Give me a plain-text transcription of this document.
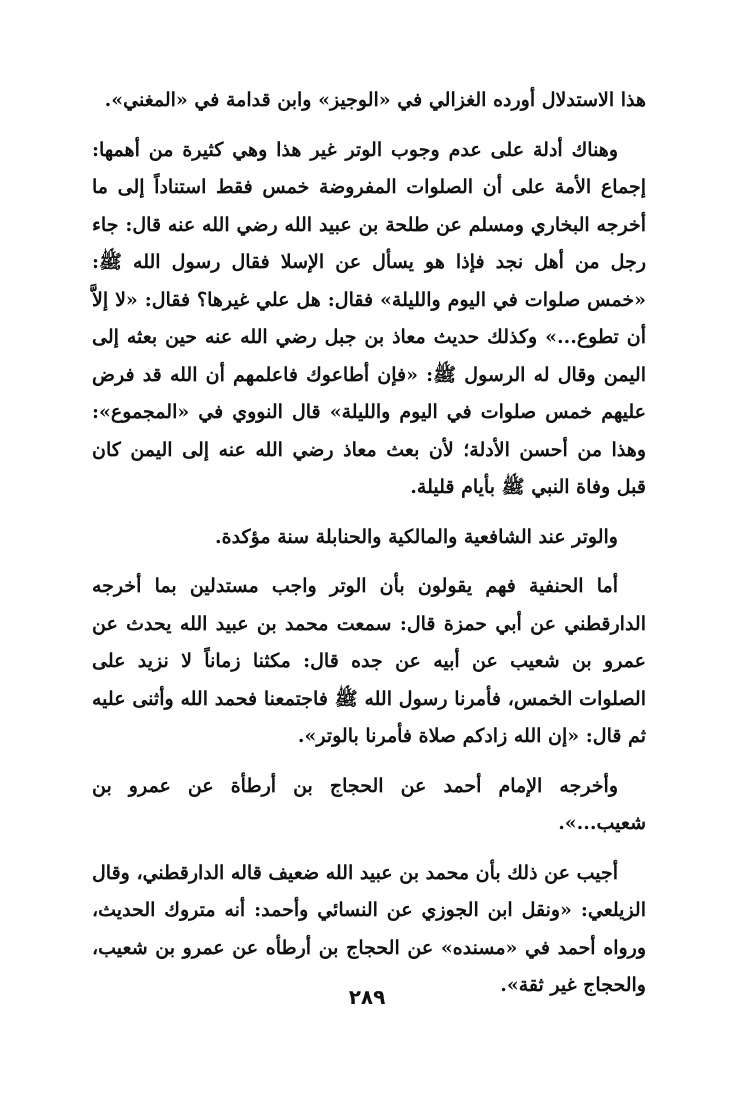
هذا الاستدلال أورده الغزالي في «الوجيز» وابن قدامة في «المغني».

وهناك أدلة على عدم وجوب الوتر غير هذا وهي كثيرة من أهمها: إجماع الأمة على أن الصلوات المفروضة خمس فقط استناداً إلى ما أخرجه البخاري ومسلم عن طلحة بن عبيد الله رضي الله عنه قال: جاء رجل من أهل نجد فإذا هو يسأل عن الإسلا فقال رسول الله ﷺ: «خمس صلوات في اليوم والليلة» فقال: هل علي غيرها؟ فقال: «لا إلاَّ أن تطوع...» وكذلك حديث معاذ بن جبل رضي الله عنه حين بعثه إلى اليمن وقال له الرسول ﷺ: «فإن أطاعوك فاعلمهم أن الله قد فرض عليهم خمس صلوات في اليوم والليلة» قال النووي في «المجموع»: وهذا من أحسن الأدلة؛ لأن بعث معاذ رضي الله عنه إلى اليمن كان قبل وفاة النبي ﷺ بأيام قليلة.

والوتر عند الشافعية والمالكية والحنابلة سنة مؤكدة.

أما الحنفية فهم يقولون بأن الوتر واجب مستدلين بما أخرجه الدارقطني عن أبي حمزة قال: سمعت محمد بن عبيد الله يحدث عن عمرو بن شعيب عن أبيه عن جده قال: مكثنا زماناً لا نزيد على الصلوات الخمس، فأمرنا رسول الله ﷺ فاجتمعنا فحمد الله وأثنى عليه ثم قال: «إن الله زادكم صلاة فأمرنا بالوتر».

وأخرجه الإمام أحمد عن الحجاج بن أرطأة عن عمرو بن شعيب...».

أجيب عن ذلك بأن محمد بن عبيد الله ضعيف قاله الدارقطني، وقال الزيلعي: «ونقل ابن الجوزي عن النسائي وأحمد: أنه متروك الحديث، ورواه أحمد في «مسنده» عن الحجاج بن أرطأه عن عمرو بن شعيب، والحجاج غير ثقة».

٢٨٩
